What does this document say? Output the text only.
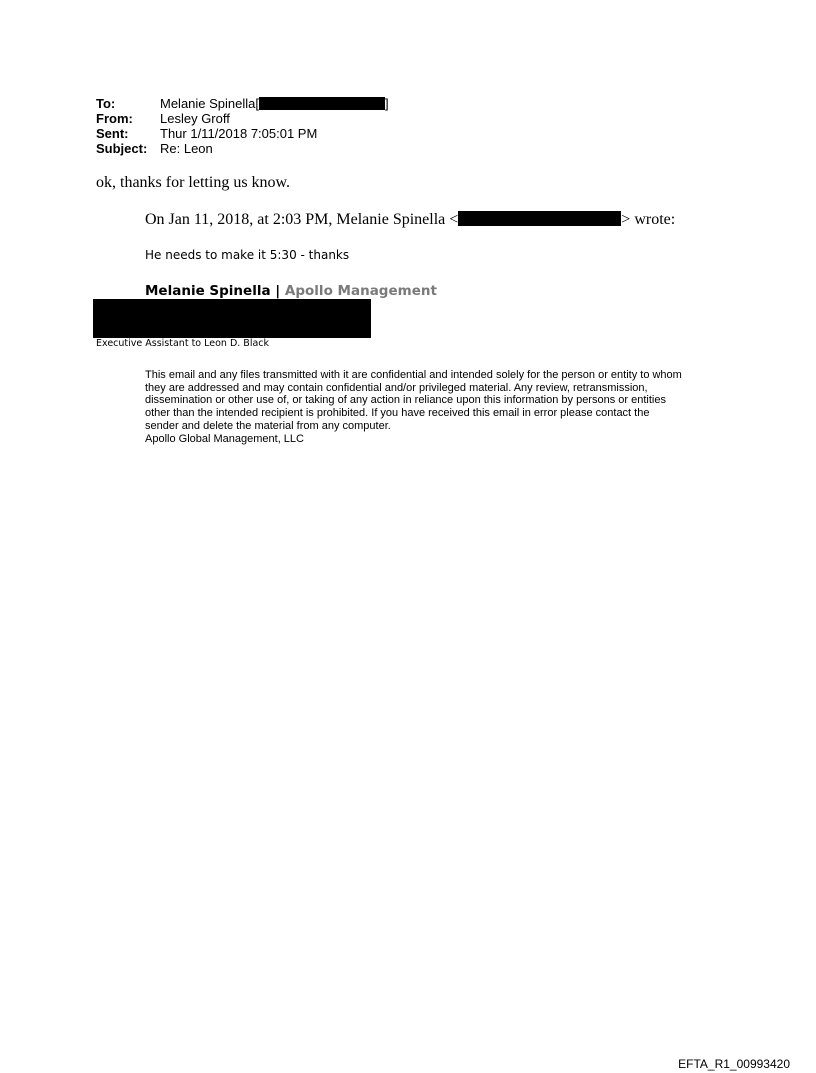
To:	Melanie Spinella[	]
From:	Lesley Groff
Sent:	Thur 1/11/2018 7:05:01 PM
Subject: Re: Leon
ok, thanks for letting us know.
On Jan 11, 2018, at 2:03 PM, Melanie Spinella <	> wrote:
He needs to make it 5:30 - thanks
Melanie Spinella | Apollo Management
Executive Assistant to Leon D. Black
This email and any files transmitted with it are confidential and intended solely for the person or entity to whom they are addressed and may contain confidential and/or privileged material. Any review, retransmission, dissemination or other use of, or taking of any action in reliance upon this information by persons or entities other than the intended recipient is prohibited. If you have received this email in error please contact the sender and delete the material from any computer.
Apollo Global Management, LLC
EFTA_R1_00993420
